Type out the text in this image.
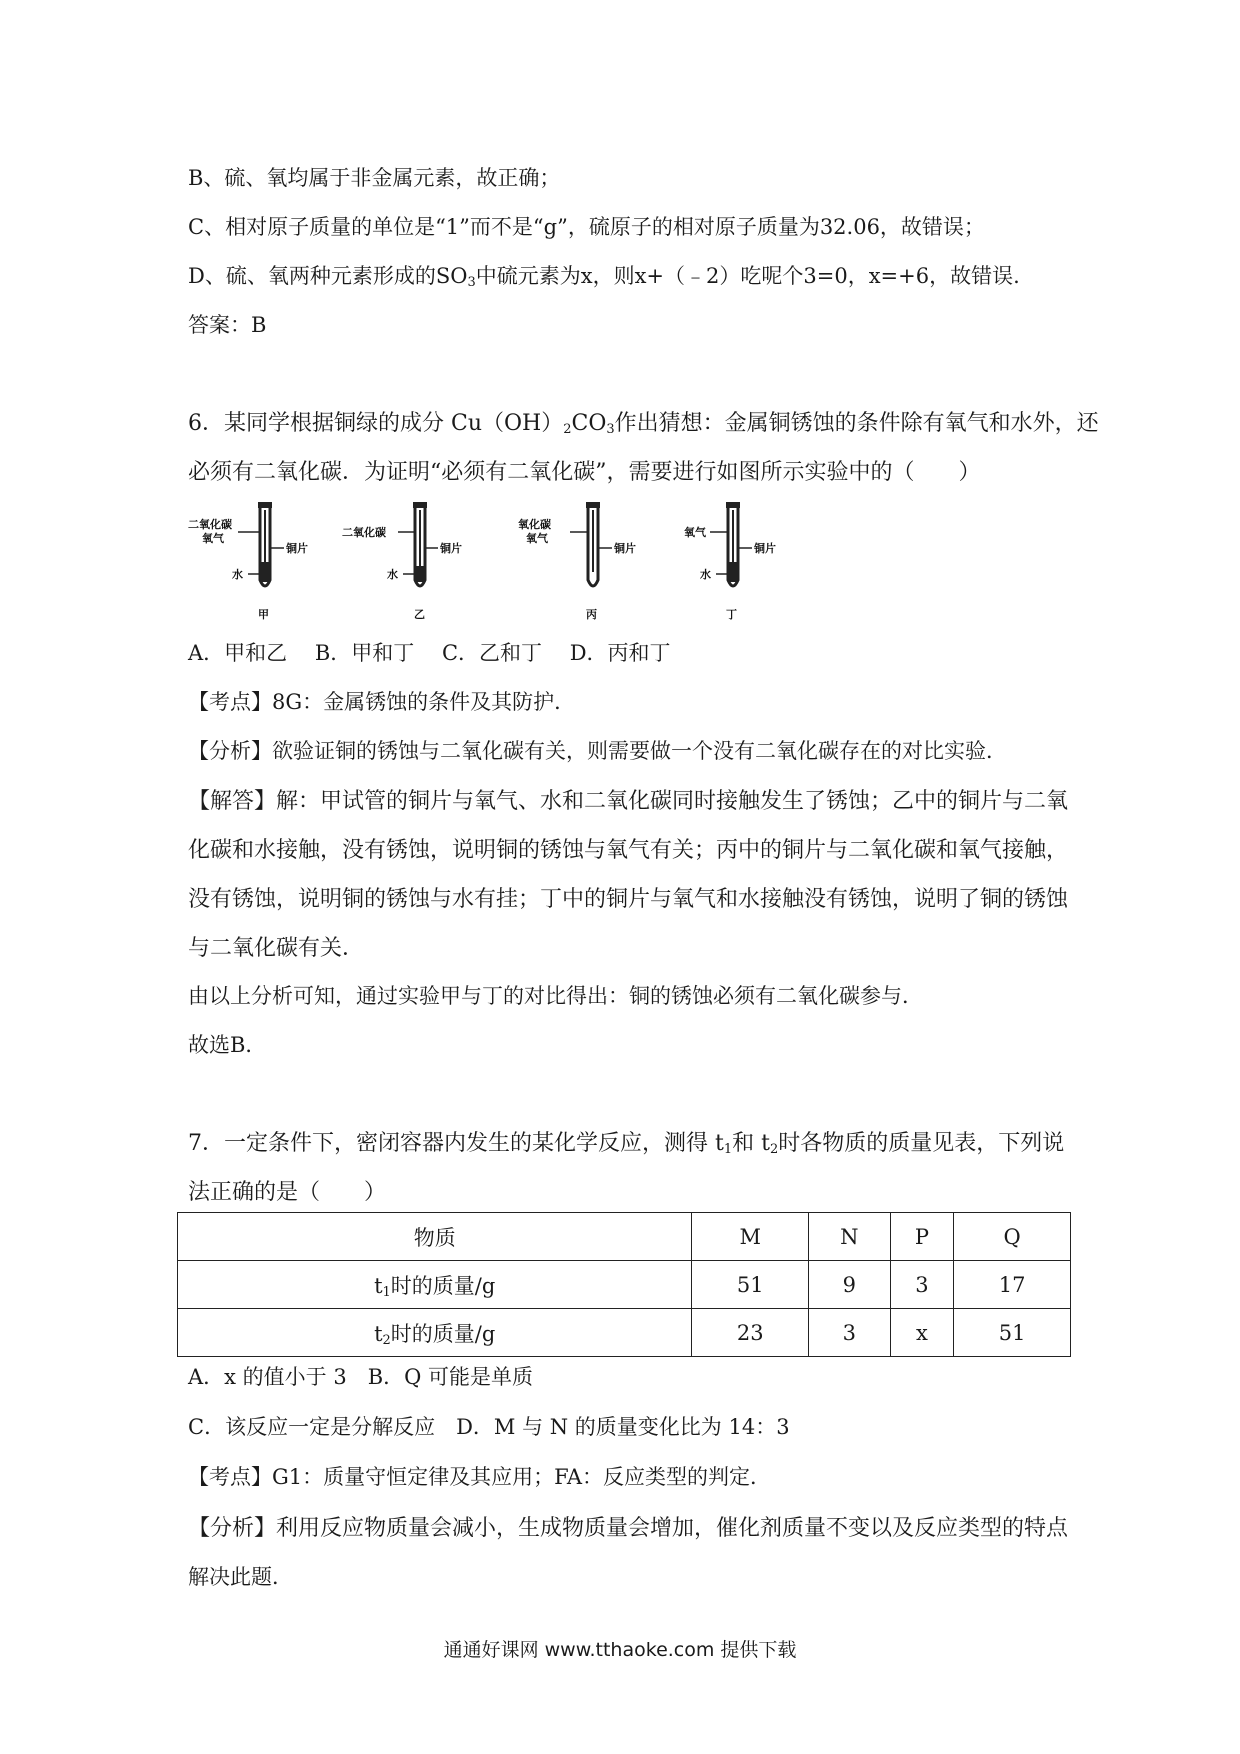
B、硫、氧均属于非金属元素，故正确；
C、相对原子质量的单位是“1”而不是“g”，硫原子的相对原子质量为32.06，故错误；
D、硫、氧两种元素形成的$SO_3$中硫元素为x，则x+（﹣2）吃呢个3=0，x=+6，故错误.
答案：B
6．某同学根据铜绿的成分 $Cu(OH)_2CO_3$作出猜想：金属铜锈蚀的条件除有氧气和水外，还
必须有二氧化碳．为证明“必须有二氧化碳”，需要进行如图所示实验中的（　　）
二氧化碳
氧气
铜片
水
甲
二氧化碳
铜片
水
乙
氧化碳
氧气
铜片
丙
氧气
铜片
水
丁
A．甲和乙　 B．甲和丁　 C．乙和丁　 D．丙和丁
【考点】8G：金属锈蚀的条件及其防护．
【分析】欲验证铜的锈蚀与二氧化碳有关，则需要做一个没有二氧化碳存在的对比实验．
【解答】解：甲试管的铜片与氧气、水和二氧化碳同时接触发生了锈蚀；乙中的铜片与二氧
化碳和水接触，没有锈蚀，说明铜的锈蚀与氧气有关；丙中的铜片与二氧化碳和氧气接触，
没有锈蚀，说明铜的锈蚀与水有挂；丁中的铜片与氧气和水接触没有锈蚀，说明了铜的锈蚀
与二氧化碳有关．
由以上分析可知，通过实验甲与丁的对比得出：铜的锈蚀必须有二氧化碳参与．
故选B．
7．一定条件下，密闭容器内发生的某化学反应，测得 $t_1$和 $t_2$时各物质的质量见表，下列说
法正确的是（　　）
物质	M	N	P	Q
$t_1$时的质量/g	51	9	3	17
$t_2$时的质量/g	23	3	x	51
A．x 的值小于 3　B．Q 可能是单质
C．该反应一定是分解反应　D．M 与 N 的质量变化比为 14：3
【考点】G1：质量守恒定律及其应用；FA：反应类型的判定．
【分析】利用反应物质量会减小，生成物质量会增加，催化剂质量不变以及反应类型的特点
解决此题．
通通好课网 www.tthaoke.com 提供下载
